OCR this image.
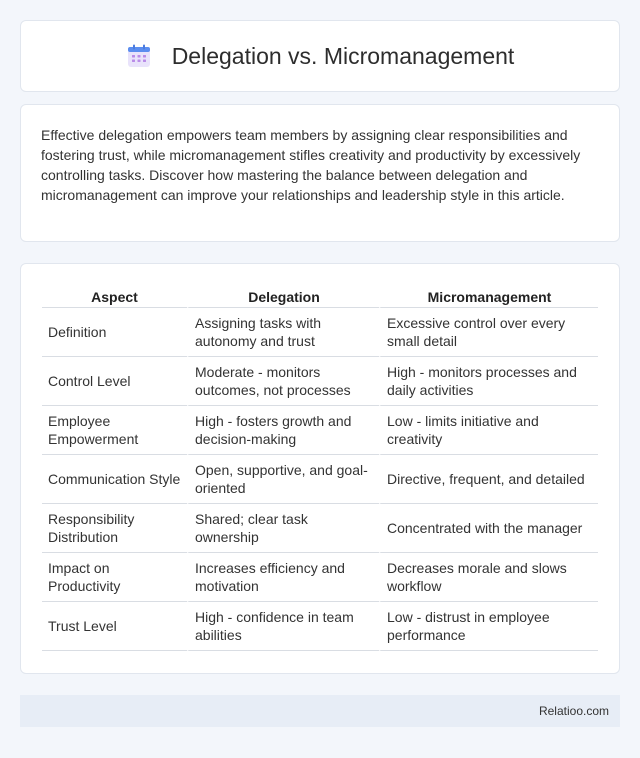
Delegation vs. Micromanagement

Effective delegation empowers team members by assigning clear responsibilities and fostering trust, while micromanagement stifles creativity and productivity by excessively controlling tasks. Discover how mastering the balance between delegation and micromanagement can improve your relationships and leadership style in this article.

Aspect	Delegation	Micromanagement
Definition	Assigning tasks with autonomy and trust	Excessive control over every small detail
Control Level	Moderate - monitors outcomes, not processes	High - monitors processes and daily activities
Employee Empowerment	High - fosters growth and decision-making	Low - limits initiative and creativity
Communication Style	Open, supportive, and goal-oriented	Directive, frequent, and detailed
Responsibility Distribution	Shared; clear task ownership	Concentrated with the manager
Impact on Productivity	Increases efficiency and motivation	Decreases morale and slows workflow
Trust Level	High - confidence in team abilities	Low - distrust in employee performance
Relatioo.com
